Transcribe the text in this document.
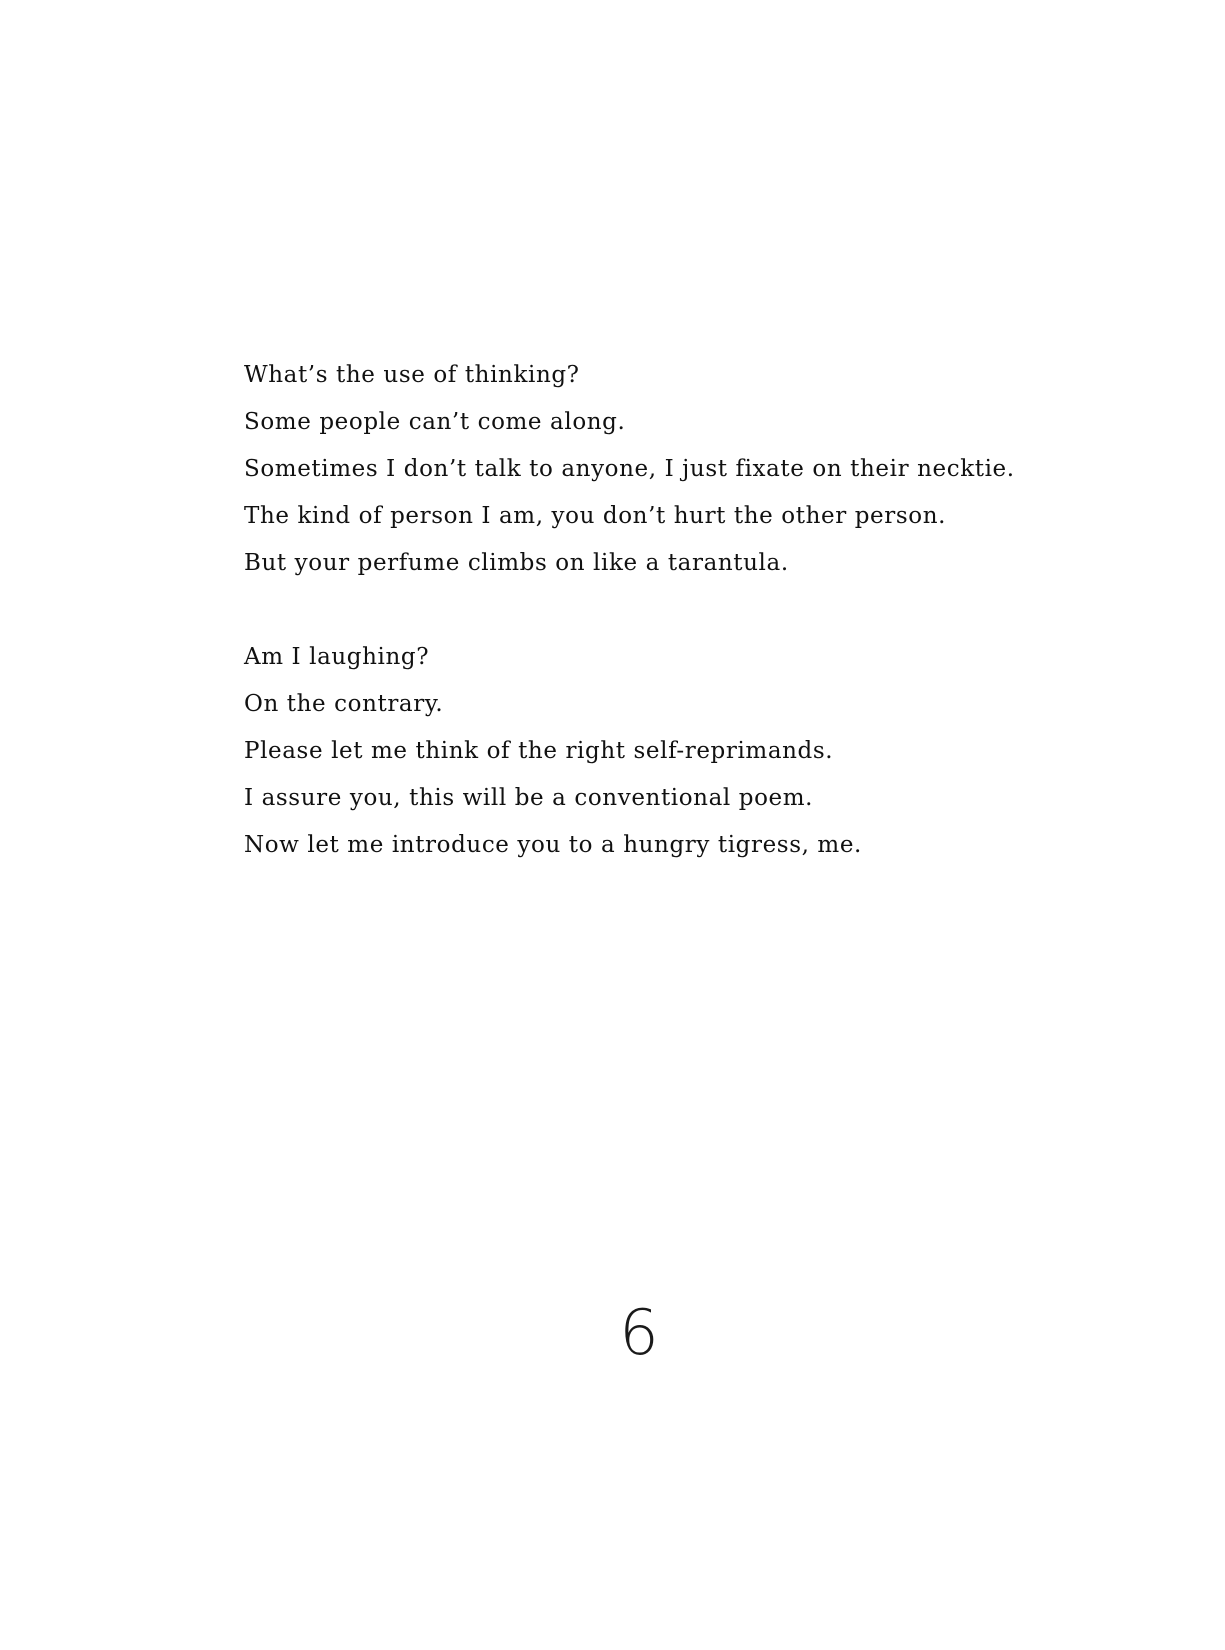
What’s the use of thinking?
Some people can’t come along.
Sometimes I don’t talk to anyone, I just fixate on their necktie.
The kind of person I am, you don’t hurt the other person.
But your perfume climbs on like a tarantula.
Am I laughing?
On the contrary.
Please let me think of the right self-reprimands.
I assure you, this will be a conventional poem.
Now let me introduce you to a hungry tigress, me.
6
